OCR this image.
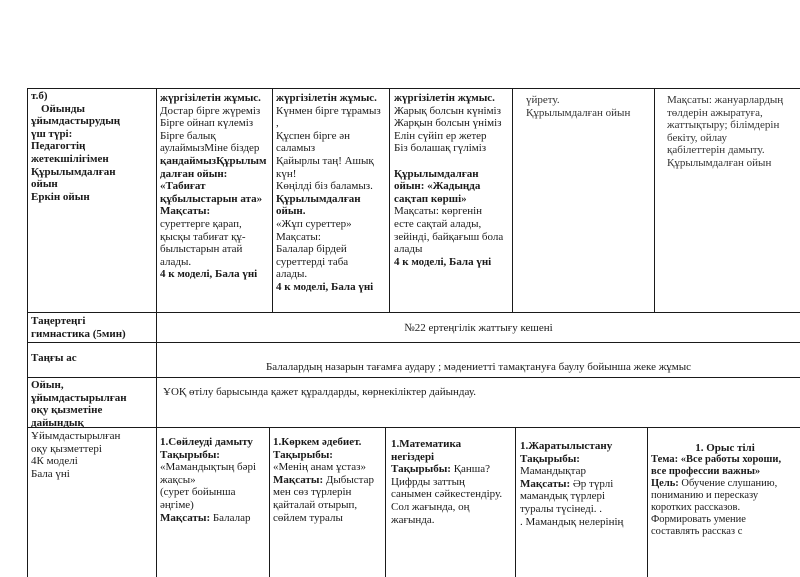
т.б)
Ойынды
ұйымдастырудың
үш түрі:
Педагогтің
жетекшілігімен
Құрылымдалған
ойын
Еркін ойын
жүргізілетін жұмыс.
Достар бірге жүреміз
Бірге ойнап күлеміз
Бірге балық
аулаймызМіне біздер
қандаймызҚұрылым
далған ойын:
«Табиғат
құбылыстарын ата»
Мақсаты:
суреттерге қарап,
қысқы табиғат құ-
былыстарын атай
алады.
4 к моделі, Бала үні
жүргізілетін жұмыс.
Күнмен бірге тұрамыз
,
Құспен бірге ән
саламыз
Қайырлы таң! Ашық
күн!
Көңілді біз баламыз.
Құрылымдалған
ойын.
«Жұп суреттер»
Мақсаты:
Балалар бірдей
суреттерді таба
алады.
4 к моделі, Бала үні
жүргізілетін жұмыс.
Жарық болсын күніміз
Жарқын болсын үніміз
Елін сүйіп ер жетер
Біз болашақ гүліміз
Құрылымдалған
ойын: «Жадыңда
сақтап көрші»
Мақсаты: көргенін
есте сақтай алады,
зейінді, байқағыш бола
алады
4 к моделі, Бала үні
үйрету.
Құрылымдалған ойын
Мақсаты: жануарлардың
төлдерін ажыратуға,
жаттықтыру; білімдерін
бекіту, ойлау
қабілеттерін дамыту.
Құрылымдалған ойын
Таңертеңгі
гимнастика (5мин)	№22 ертеңгілік жаттығу кешені
Таңғы ас
Балалардың назарын тағамға аудару ; мәдениетті тамақтануға баулу бойынша жеке жұмыс
Ойын,
ұйымдастырылған
оқу қызметіне
дайындық
ҰОҚ өтілу барысында қажет құралдарды, көрнекіліктер дайындау.
Ұйымдастырылған
оқу қызметтері
4К моделі
Бала үні
1.Сөйлеуді дамыту
Тақырыбы:
«Мамандықтың бәрі
жақсы»
(сурет бойынша
әңгіме)
Мақсаты: Балалар
1.Көркем әдебиет.
Тақырыбы:
«Менің анам ұстаз»
Мақсаты: Дыбыстар
мен сөз түрлерін
қайталай отырып,
сөйлем туралы
1.Математика
негіздері
Тақырыбы: Қанша?
Цифрды заттың
санымен сәйкестендіру.
Сол жағында, оң
жағында.
1.Жаратылыстану
Тақырыбы:
Мамандықтар
Мақсаты: Әр түрлі
мамандық түрлері
туралы түсінеді. .
. Мамандық нелерінің
1. Орыс тілі
Тема: «Все работы хороши,
все профессии важны»
Цель: Обучение слушанию,
пониманию и пересказу
коротких рассказов.
Формировать умение
составлять рассказ с
